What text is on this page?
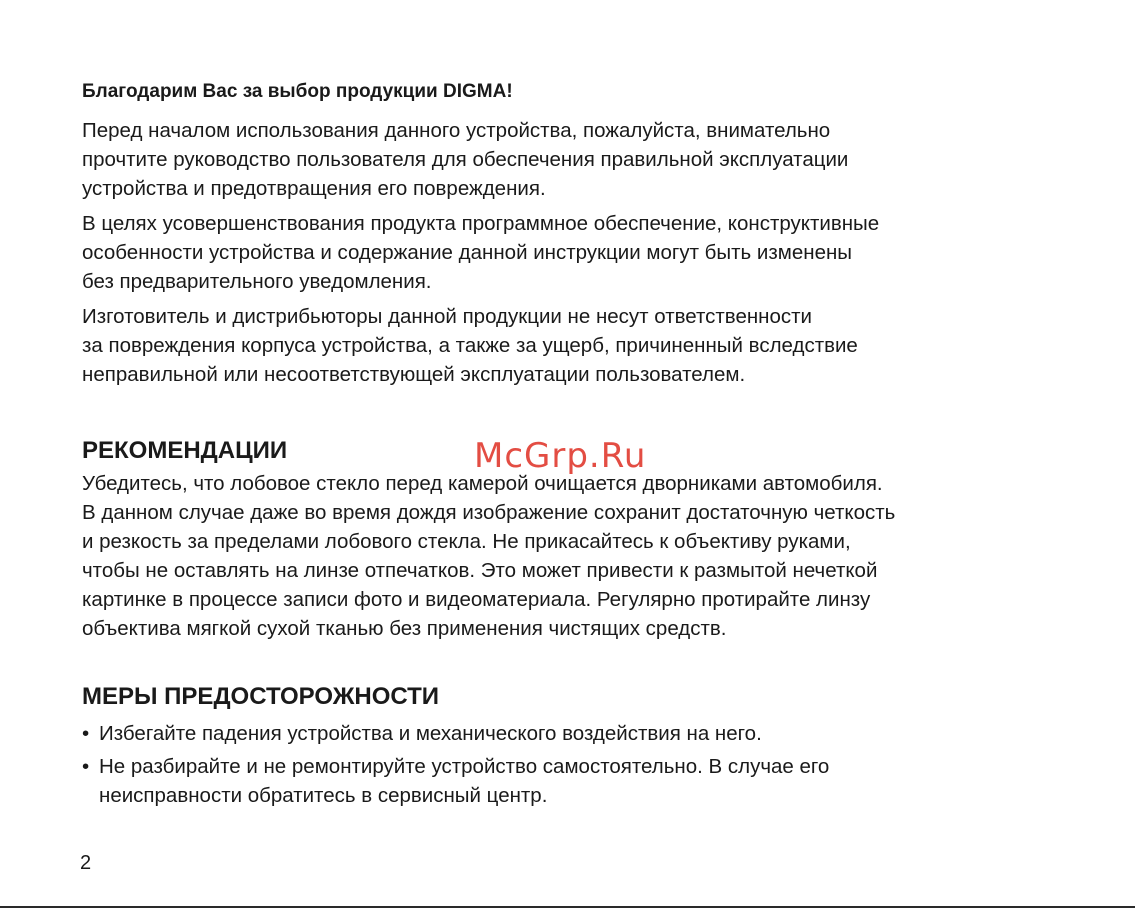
Благодарим Вас за выбор продукции DIGMA!

Перед началом использования данного устройства, пожалуйста, внимательно
прочтите руководство пользователя для обеспечения правильной эксплуатации
устройства и предотвращения его повреждения.

В целях усовершенствования продукта программное обеспечение, конструктивные
особенности устройства и содержание данной инструкции могут быть изменены
без предварительного уведомления.

Изготовитель и дистрибьюторы данной продукции не несут ответственности
за повреждения корпуса устройства, а также за ущерб, причиненный вследствие
неправильной или несоответствующей эксплуатации пользователем.

РЕКОМЕНДАЦИИ

Убедитесь, что лобовое стекло перед камерой очищается дворниками автомобиля.
В данном случае даже во время дождя изображение сохранит достаточную четкость
и резкость за пределами лобового стекла. Не прикасайтесь к объективу руками,
чтобы не оставлять на линзе отпечатков. Это может привести к размытой нечеткой
картинке в процессе записи фото и видеоматериала. Регулярно протирайте линзу
объектива мягкой сухой тканью без применения чистящих средств.

МЕРЫ ПРЕДОСТОРОЖНОСТИ
• Избегайте падения устройства и механического воздействия на него.
• Не разбирайте и не ремонтируйте устройство самостоятельно. В случае его
неисправности обратитесь в сервисный центр.
McGrp.Ru
2
